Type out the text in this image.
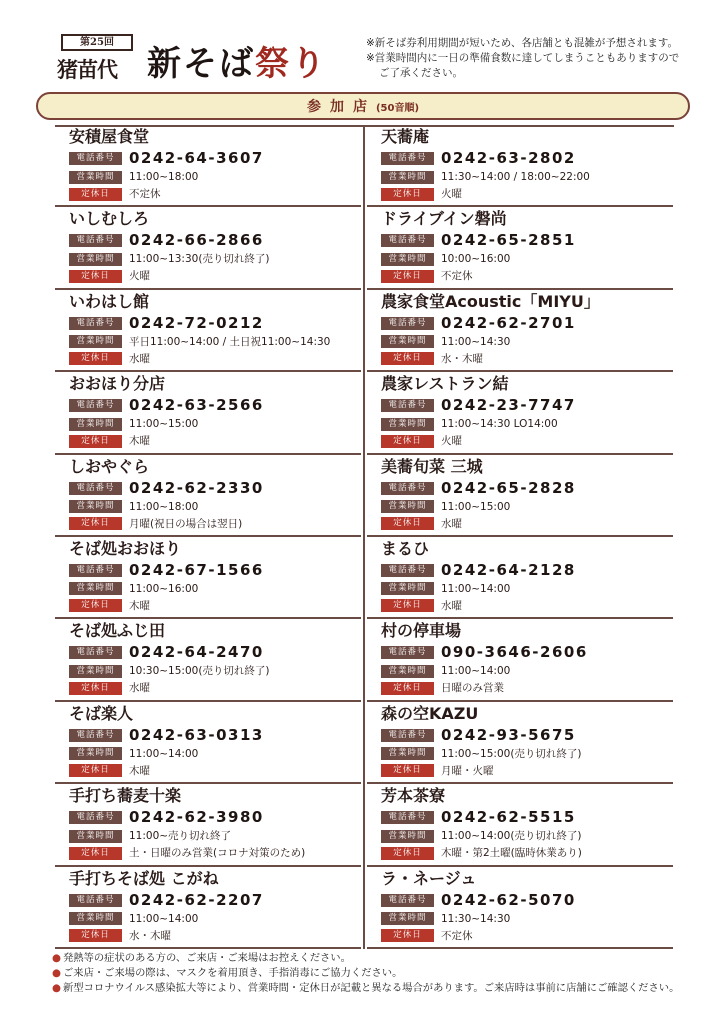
第25回
猪苗代 新そば祭り
※新そば券利用期間が短いため、各店舗とも混雑が予想されます。
※営業時間内に一日の準備食数に達してしまうこともありますので
ご了承ください。
参加店(50音順)
安積屋食堂
電話番号 0242-64-3607
営業時間	11:00~18:00
定休日	不定休
いしむしろ
電話番号 0242-66-2866
営業時間	11:00~13:30(売り切れ終了)
定休日	火曜
いわはし館
電話番号 0242-72-0212
営業時間	平日11:00~14:00 / 土日祝11:00~14:30
定休日	水曜
おおほり分店
電話番号 0242-63-2566
営業時間	11:00~15:00
定休日	木曜
しおやぐら
電話番号 0242-62-2330
営業時間	11:00~18:00
定休日	月曜(祝日の場合は翌日)
そば処おおほり
電話番号 0242-67-1566
営業時間	11:00~16:00
定休日	木曜
そば処ふじ田
電話番号 0242-64-2470
営業時間	10:30~15:00(売り切れ終了)
定休日	水曜
そば楽人
電話番号 0242-63-0313
営業時間	11:00~14:00
定休日	木曜
手打ち蕎麦十楽
電話番号 0242-62-3980
営業時間	11:00~売り切れ終了
定休日	土・日曜のみ営業(コロナ対策のため)
手打ちそば処 こがね
電話番号 0242-62-2207
営業時間	11:00~14:00
定休日	水・木曜
天蕎庵
電話番号 0242-63-2802
営業時間	11:30~14:00 / 18:00~22:00
定休日	火曜
ドライブイン磐尚
電話番号 0242-65-2851
営業時間	10:00~16:00
定休日	不定休
農家食堂Acoustic「MIYU」
電話番号 0242-62-2701
営業時間	11:00~14:30
定休日	水・木曜
農家レストラン結
電話番号 0242-23-7747
営業時間	11:00~14:30 LO14:00
定休日	火曜
美蕎旬菜 三城
電話番号 0242-65-2828
営業時間	11:00~15:00
定休日	水曜
まるひ
電話番号 0242-64-2128
営業時間	11:00~14:00
定休日	水曜
村の停車場
電話番号 090-3646-2606
営業時間	11:00~14:00
定休日	日曜のみ営業
森の空KAZU
電話番号 0242-93-5675
営業時間	11:00~15:00(売り切れ終了)
定休日	月曜・火曜
芳本茶寮
電話番号 0242-62-5515
営業時間	11:00~14:00(売り切れ終了)
定休日	木曜・第2土曜(臨時休業あり)
ラ・ネージュ
電話番号 0242-62-5070
営業時間	11:30~14:30
定休日	不定休
● 発熱等の症状のある方の、ご来店・ご来場はお控えください。
● ご来店・ご来場の際は、マスクを着用頂き、手指消毒にご協力ください。
● 新型コロナウイルス感染拡大等により、営業時間・定休日が記載と異なる場合があります。ご来店時は事前に店舗にご確認ください。
